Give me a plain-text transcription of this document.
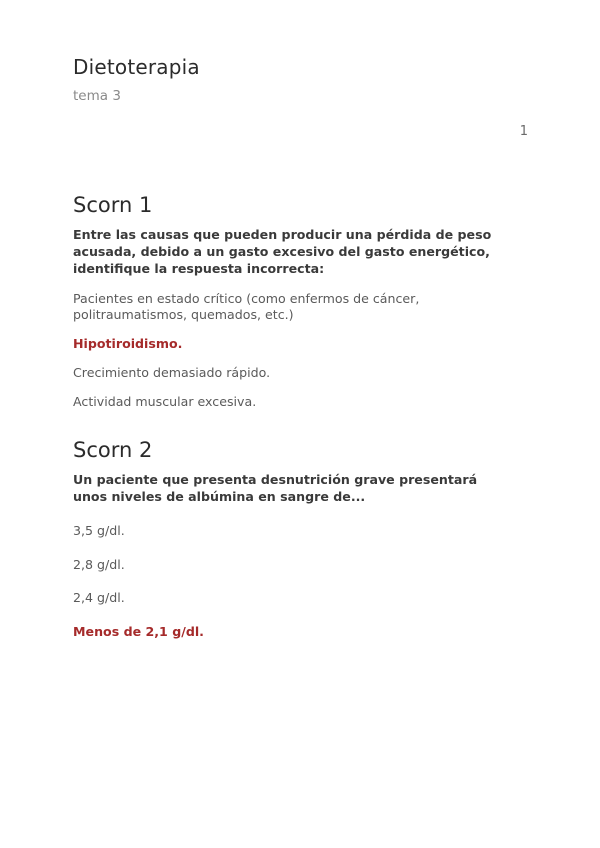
Dietoterapia
tema 3
1
Scorn 1

Entre las causas que pueden producir una pérdida de peso acusada, debido a un gasto excesivo del gasto energético, identifique la respuesta incorrecta:

Pacientes en estado crítico (como enfermos de cáncer, politraumatismos, quemados, etc.)

Hipotiroidismo.

Crecimiento demasiado rápido.

Actividad muscular excesiva.

Scorn 2

Un paciente que presenta desnutrición grave presentará unos niveles de albúmina en sangre de...

3,5 g/dl.

2,8 g/dl.

2,4 g/dl.

Menos de 2,1 g/dl.
